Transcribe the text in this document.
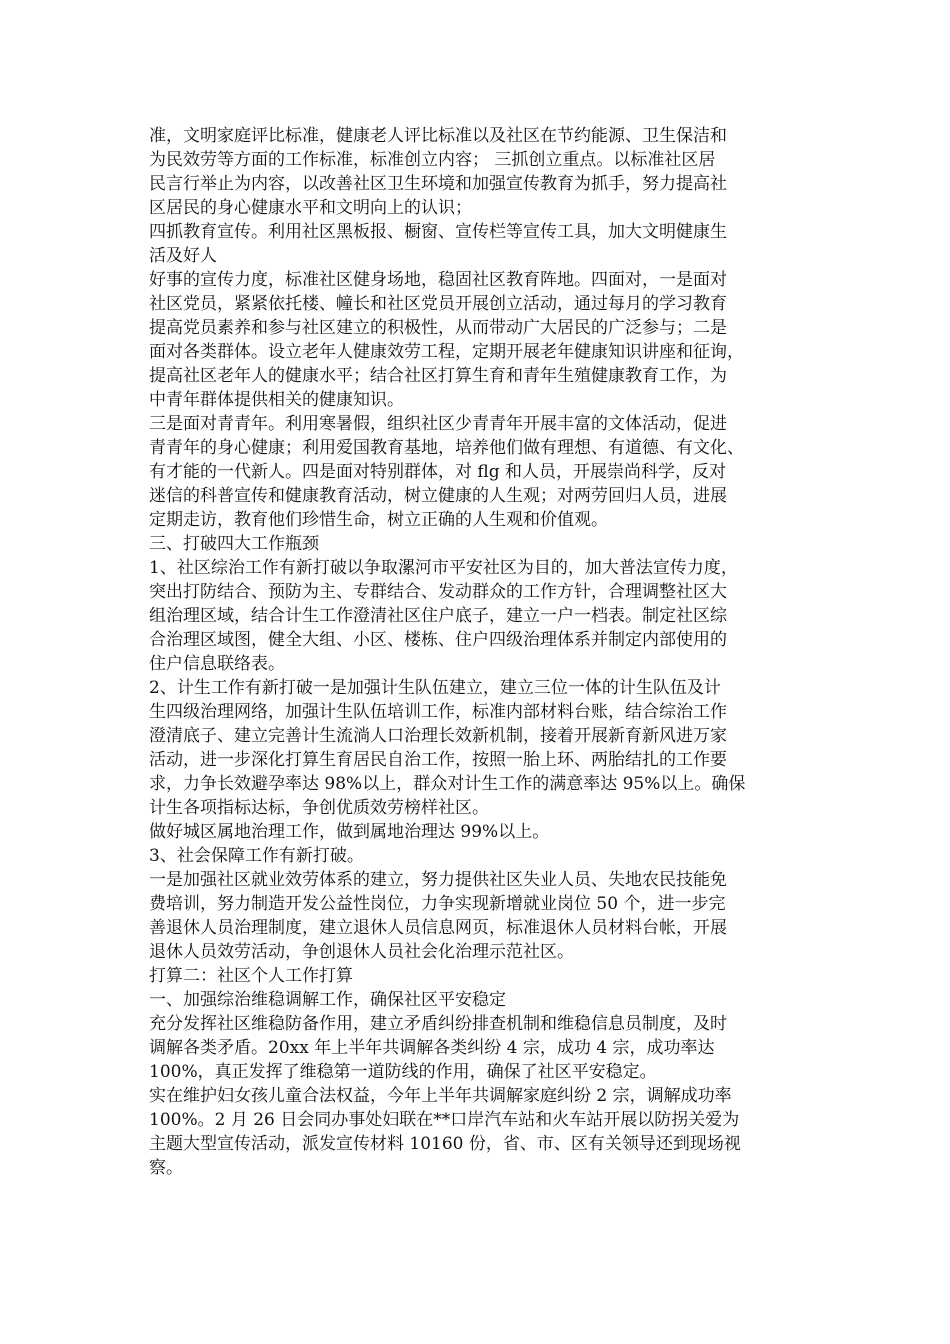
准，文明家庭评比标准，健康老人评比标准以及社区在节约能源、卫生保洁和
为民效劳等方面的工作标准，标准创立内容； 三抓创立重点。以标准社区居
民言行举止为内容，以改善社区卫生环境和加强宣传教育为抓手，努力提高社
区居民的身心健康水平和文明向上的认识；
四抓教育宣传。利用社区黑板报、橱窗、宣传栏等宣传工具，加大文明健康生
活及好人
好事的宣传力度，标准社区健身场地，稳固社区教育阵地。四面对，一是面对
社区党员，紧紧依托楼、幢长和社区党员开展创立活动，通过每月的学习教育
提高党员素养和参与社区建立的积极性，从而带动广大居民的广泛参与；二是
面对各类群体。设立老年人健康效劳工程，定期开展老年健康知识讲座和征询，
提高社区老年人的健康水平；结合社区打算生育和青年生殖健康教育工作，为
中青年群体提供相关的健康知识。
三是面对青青年。利用寒暑假，组织社区少青青年开展丰富的文体活动，促进
青青年的身心健康；利用爱国教育基地，培养他们做有理想、有道德、有文化、
有才能的一代新人。四是面对特别群体，对 flg 和人员，开展崇尚科学，反对
迷信的科普宣传和健康教育活动，树立健康的人生观；对两劳回归人员，进展
定期走访，教育他们珍惜生命，树立正确的人生观和价值观。
三、打破四大工作瓶颈
1、社区综治工作有新打破以争取漯河市平安社区为目的，加大普法宣传力度，
突出打防结合、预防为主、专群结合、发动群众的工作方针，合理调整社区大
组治理区域，结合计生工作澄清社区住户底子，建立一户一档表。制定社区综
合治理区域图，健全大组、小区、楼栋、住户四级治理体系并制定内部使用的
住户信息联络表。
2、计生工作有新打破一是加强计生队伍建立，建立三位一体的计生队伍及计
生四级治理网络，加强计生队伍培训工作，标准内部材料台账，结合综治工作
澄清底子、建立完善计生流淌人口治理长效新机制，接着开展新育新风进万家
活动，进一步深化打算生育居民自治工作，按照一胎上环、两胎结扎的工作要
求，力争长效避孕率达 98%以上，群众对计生工作的满意率达 95%以上。确保
计生各项指标达标，争创优质效劳榜样社区。
做好城区属地治理工作，做到属地治理达 99%以上。
3、社会保障工作有新打破。
一是加强社区就业效劳体系的建立，努力提供社区失业人员、失地农民技能免
费培训，努力制造开发公益性岗位，力争实现新增就业岗位 50 个，进一步完
善退休人员治理制度，建立退休人员信息网页，标准退休人员材料台帐，开展
退休人员效劳活动，争创退休人员社会化治理示范社区。
打算二：社区个人工作打算
一、加强综治维稳调解工作，确保社区平安稳定
充分发挥社区维稳防备作用，建立矛盾纠纷排查机制和维稳信息员制度，及时
调解各类矛盾。20xx 年上半年共调解各类纠纷 4 宗，成功 4 宗，成功率达
100%，真正发挥了维稳第一道防线的作用，确保了社区平安稳定。
实在维护妇女孩儿童合法权益，今年上半年共调解家庭纠纷 2 宗，调解成功率
100%。2 月 26 日会同办事处妇联在**口岸汽车站和火车站开展以防拐关爱为
主题大型宣传活动，派发宣传材料 10160 份，省、市、区有关领导还到现场视
察。
